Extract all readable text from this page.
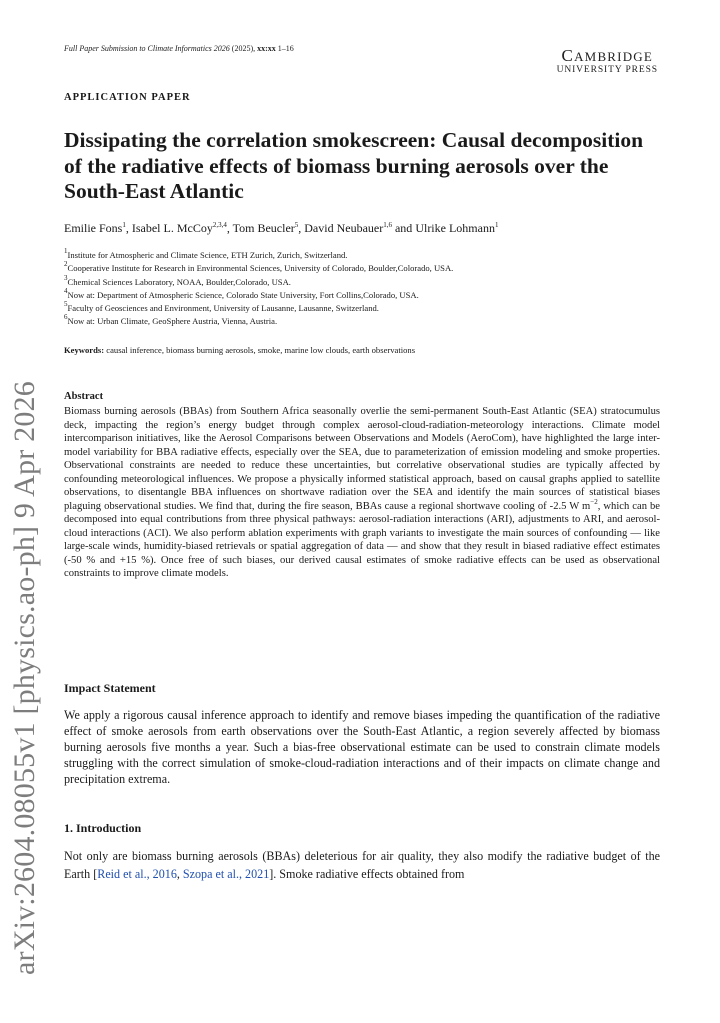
Full Paper Submission to Climate Informatics 2026 (2025), xx:xx 1–16	CAMBRIDGE
UNIVERSITY PRESS
APPLICATION PAPER
Dissipating the correlation smokescreen: Causal decomposition of the radiative effects of biomass burning aerosols over the South-East Atlantic
Emilie Fons$^1$, Isabel L. McCoy$^{2,3,4}$, Tom Beucler$^5$, David Neubauer$^{1,6}$ and Ulrike Lohmann$^1$
$^1$Institute for Atmospheric and Climate Science, ETH Zurich, Zurich, Switzerland.
$^2$Cooperative Institute for Research in Environmental Sciences, University of Colorado, Boulder,Colorado, USA.
$^3$Chemical Sciences Laboratory, NOAA, Boulder,Colorado, USA.
$^4$Now at: Department of Atmospheric Science, Colorado State University, Fort Collins,Colorado, USA.
$^5$Faculty of Geosciences and Environment, University of Lausanne, Lausanne, Switzerland.
$^6$Now at: Urban Climate, GeoSphere Austria, Vienna, Austria.
Keywords: causal inference, biomass burning aerosols, smoke, marine low clouds, earth observations
Abstract
Biomass burning aerosols (BBAs) from Southern Africa seasonally overlie the semi-permanent South-East Atlantic (SEA) stratocumulus deck, impacting the region’s energy budget through complex aerosol-cloud-radiation-meteorology interactions. Climate model intercomparison initiatives, like the Aerosol Comparisons between Observations and Models (AeroCom), have highlighted the large inter-model variability for BBA radiative effects, especially over the SEA, due to parameterization of emission modeling and smoke properties. Observational constraints are needed to reduce these uncertainties, but correlative observational studies are typically affected by confounding meteorological influences. We propose a physically informed statistical approach, based on causal graphs applied to satellite observations, to disentangle BBA influences on shortwave radiation over the SEA and identify the main sources of statistical biases plaguing observational studies. We find that, during the fire season, BBAs cause a regional shortwave cooling of -2.5 W $m^{-2}$, which can be decomposed into equal contributions from three physical pathways: aerosol-radiation interactions (ARI), adjustments to ARI, and aerosol-cloud interactions (ACI). We also perform ablation experiments with graph variants to investigate the main sources of confounding — like large-scale winds, humidity-biased retrievals or spatial aggregation of data — and show that they result in biased radiative effect estimates (-50 % and +15 %). Once free of such biases, our derived causal estimates of smoke radiative effects can be used as observational constraints to improve climate models.
Impact Statement
We apply a rigorous causal inference approach to identify and remove biases impeding the quantification of the radiative effect of smoke aerosols from earth observations over the South-East Atlantic, a region severely affected by biomass burning aerosols five months a year. Such a bias-free observational estimate can be used to constrain climate models struggling with the correct simulation of smoke-cloud-radiation interactions and of their impacts on climate change and precipitation extrema.
1. Introduction
Not only are biomass burning aerosols (BBAs) deleterious for air quality, they also modify the radiative budget of the Earth [Reid et al., 2016, Szopa et al., 2021]. Smoke radiative effects obtained from
arXiv:2604.08055v1 [physics.ao-ph] 9 Apr 2026
